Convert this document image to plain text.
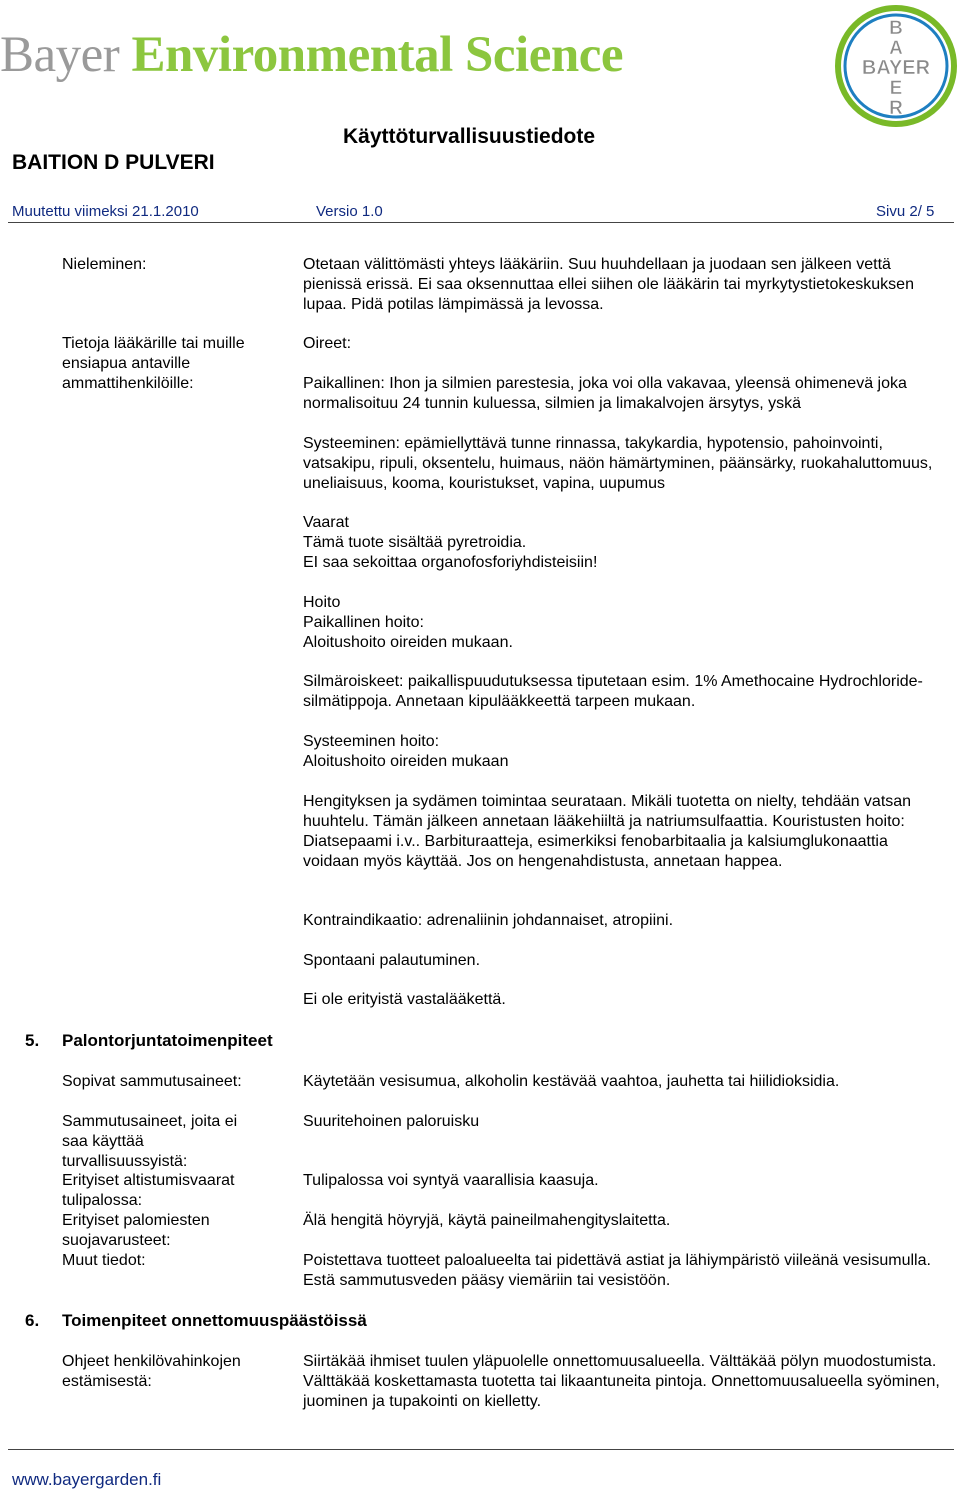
Bayer Environmental Science	B
A
E
R
BAYER
Käyttöturvallisuustiedote
BAITION D PULVERI
Muutettu viimeksi 21.1.2010	Versio 1.0	Sivu 2/ 5
Nieleminen:	Otetaan välittömästi yhteys lääkäriin. Suu huuhdellaan ja juodaan sen jälkeen vettä pienissä erissä. Ei saa oksennuttaa ellei siihen ole lääkärin tai myrkytystietokeskuksen lupaa. Pidä potilas lämpimässä ja levossa.
Tietoja lääkärille tai muille ensiapua antaville ammattihenkilöille:
Oireet:
Paikallinen: Ihon ja silmien parestesia, joka voi olla vakavaa, yleensä ohimenevä joka normalisoituu 24 tunnin kuluessa, silmien ja limakalvojen ärsytys, yskä
Systeeminen: epämiellyttävä tunne rinnassa, takykardia, hypotensio, pahoinvointi, vatsakipu, ripuli, oksentelu, huimaus, näön hämärtyminen, päänsärky, ruokahaluttomuus, uneliaisuus, kooma, kouristukset, vapina, uupumus
Vaarat
Tämä tuote sisältää pyretroidia.
EI saa sekoittaa organofosforiyhdisteisiin!
Hoito
Paikallinen hoito:
Aloitushoito oireiden mukaan.
Silmäroiskeet: paikallispuudutuksessa tiputetaan esim. 1% Amethocaine Hydrochloride-silmätippoja. Annetaan kipulääkkeettä tarpeen mukaan.
Systeeminen hoito:
Aloitushoito oireiden mukaan
Hengityksen ja sydämen toimintaa seurataan. Mikäli tuotetta on nielty, tehdään vatsan huuhtelu. Tämän jälkeen annetaan lääkehiiltä ja natriumsulfaattia. Kouristusten hoito: Diatsepaami i.v.. Barbituraatteja, esimerkiksi fenobarbitaalia ja kalsiumglukonaattia voidaan myös käyttää. Jos on hengenahdistusta, annetaan happea.
Kontraindikaatio: adrenaliinin johdannaiset, atropiini.
Spontaani palautuminen.
Ei ole erityistä vastalääkettä.
5. Palontorjuntatoimenpiteet
Sopivat sammutusaineet:	Käytetään vesisumua, alkoholin kestävää vaahtoa, jauhetta tai hiilidioksidia.
Sammutusaineet, joita ei saa käyttää turvallisuussyistä:
Suuritehoinen paloruisku
Erityiset altistumisvaarat tulipalossa:
Tulipalossa voi syntyä vaarallisia kaasuja.
Erityiset palomiesten suojavarusteet:
Älä hengitä höyryjä, käytä paineilmahengityslaitetta.
Muut tiedot:	Poistettava tuotteet paloalueelta tai pidettävä astiat ja lähiympäristö viileänä vesisumulla. Estä sammutusveden pääsy viemäriin tai vesistöön.
6. Toimenpiteet onnettomuuspäästöissä
Ohjeet henkilövahinkojen estämisestä:
Siirtäkää ihmiset tuulen yläpuolelle onnettomuusalueella. Välttäkää pölyn muodostumista. Välttäkää koskettamasta tuotetta tai likaantuneita pintoja. Onnettomuusalueella syöminen, juominen ja tupakointi on kielletty.
www.bayergarden.fi
